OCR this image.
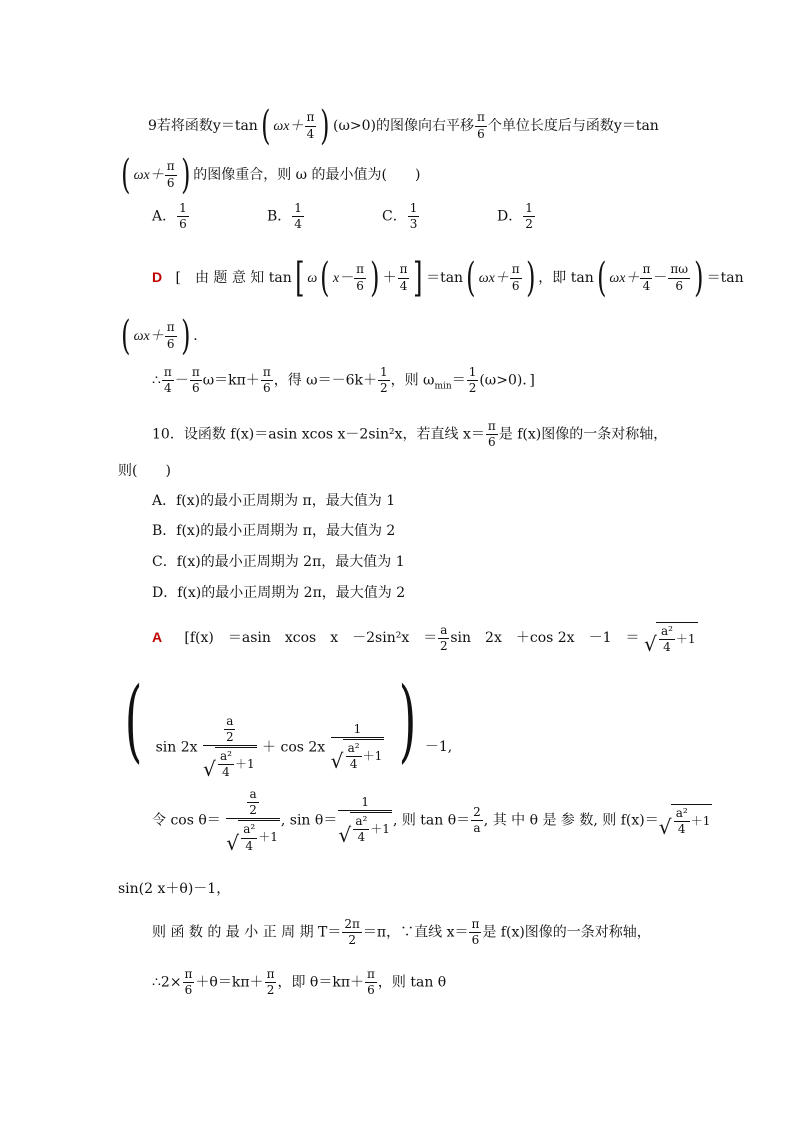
9若将函数y＝tan( $\omega x+ \frac{\pi}{4}$ ) (ω>0)的图像向右平移 $\frac{\pi}{6}$ 个单位长度后与函数y＝tan
( $\omega x+ \frac{\pi}{6}$ ) 的图像重合，则 ω 的最小值为(　　)
A． $\frac{1}{6}$	B． $\frac{1}{4}$	C． $\frac{1}{3}$	D． $\frac{1}{2}$
D [　由 题 意 知 tan[ ω( $x- \frac{\pi}{6}$ ) ＋ $\frac{\pi}{4}$ ] ＝tan( $\omega x+ \frac{\pi}{6}$ ) ，即 tan( $\omega x+ \frac{\pi}{4} - \frac{\pi\omega}{6}$ ) ＝tan
( $\omega x+ \frac{\pi}{6}$ ) .
∴ $\frac{\pi}{4} - \frac{\pi}{6} \omega=k\pi+ \frac{\pi}{6}$ ，得 $\omega=-6k+ \frac{1}{2}$ ，则 $\omega_{min}= \frac{1}{2} (\omega>0)$．]
10．设函数 f(x)＝asin xcos x－2sin²x，若直线 $x= \frac{\pi}{6}$ 是 f(x)图像的一条对称轴，
则(　　)
A．f(x)的最小正周期为 π，最大值为 1
B．f(x)的最小正周期为 π，最大值为 2
C．f(x)的最小正周期为 2π，最大值为 1
D．f(x)的最小正周期为 2π，最大值为 2
A [f(x)　＝asin　xcos　x　－2sin²x　＝ $\frac{a}{2}$ sin　2x　＋cos 2x　－1　＝ √ $\frac{\text{a²}}{4} +1$
( $\sin 2x \frac{\frac{a}{2}}{√ \frac{\text{a²}}{4} +1} + \cos 2x \frac{1}{√ \frac{\text{a²}}{4} +1}$ ) －1,
令 $\cos \theta= \frac{\frac{a}{2}}{√ \frac{\text{a²}}{4} +1}$ , $\sin \theta= \frac{1}{√ \frac{\text{a²}}{4} +1}$ , 则 $\tan \theta= \frac{2}{a}$ , 其 中 θ 是 参 数, 则 f(x)＝ √ $\frac{\text{a²}}{4} +1$
sin(2 x＋θ)－1，
则 函 数 的 最 小 正 周 期 $T= \frac{2\pi}{2} =\pi$，∵直线 $x= \frac{\pi}{6}$ 是 f(x)图像的一条对称轴，
∴2× $\frac{\pi}{6} +\theta=k\pi+ \frac{\pi}{2}$ ，即 $\theta=k\pi+ \frac{\pi}{6}$ ，则 tan θ
